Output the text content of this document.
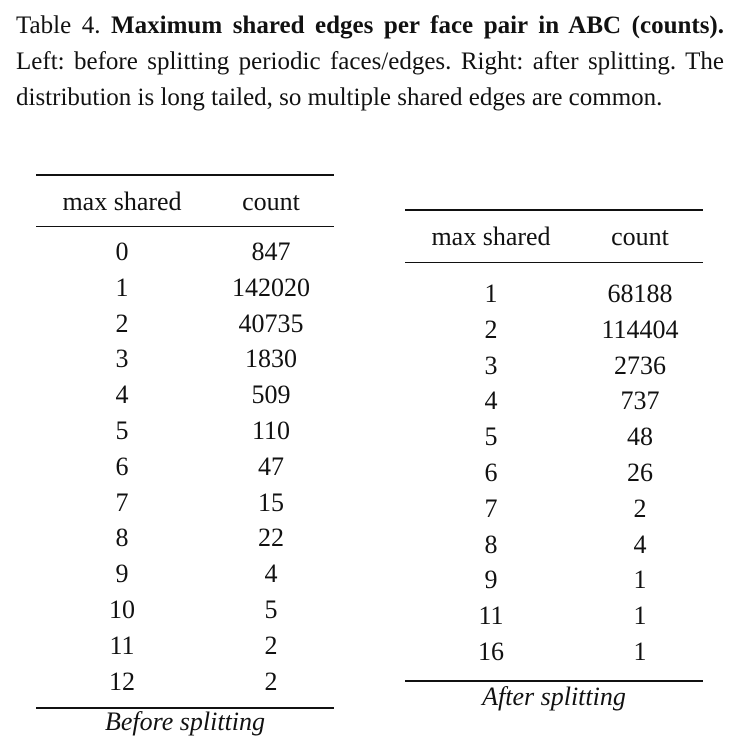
Table 4. Maximum shared edges per face pair in ABC (counts). Left: before splitting periodic faces/edges. Right: after splitting. The distribution is long tailed, so multiple shared edges are common.
max shared	count
0	847
1	142020
2	40735
3	1830
4	509
5	110
6	47
7	15
8	22
9	4
10	5
11	2
12	2
Before splitting
max shared	count
1	68188
2	114404
3	2736
4	737
5	48
6	26
7	2
8	4
9	1
11	1
16	1
After splitting
